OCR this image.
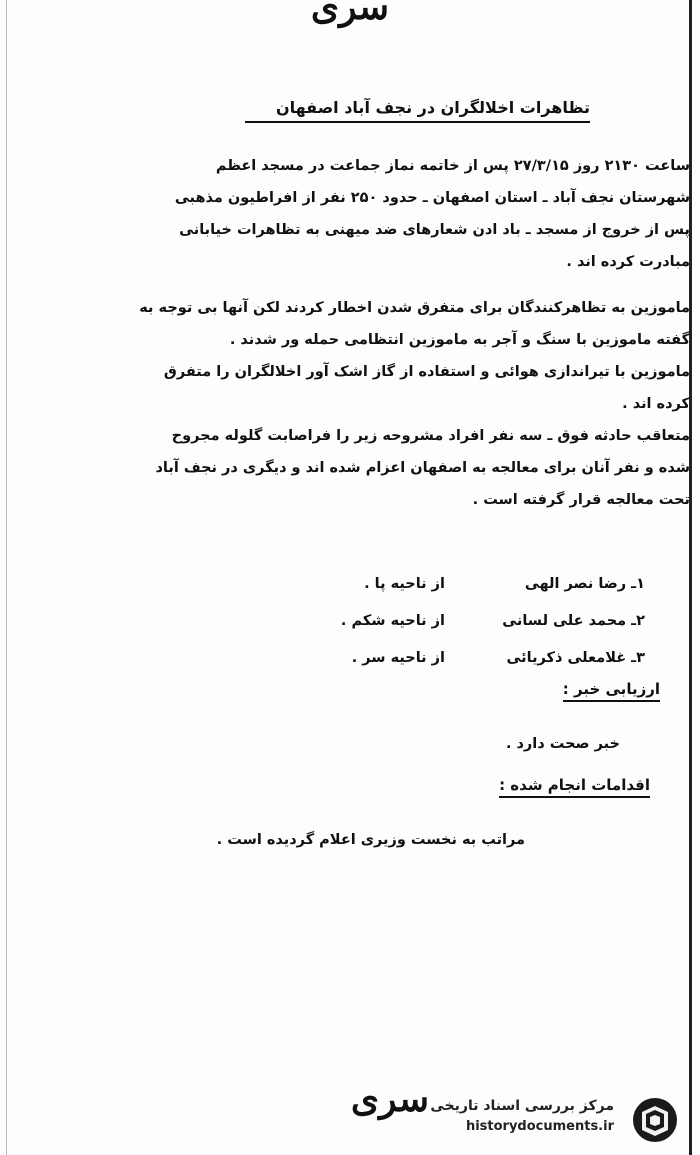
سری
تظاهرات اخلالگران در نجف آباد اصفهان

ساعت ۲۱۳۰ روز ۲۷/۳/۱۵ پس از خاتمه نماز جماعت در مسجد اعظم

شهرستان نجف آباد ـ استان اصفهان ـ حدود ۲۵۰ نفر از افراطیون مذهبی

پس از خروج از مسجد ـ باد ادن شعارهای ضد میهنی به تظاهرات خیابانی

مبادرت کرده اند .

ماموزین به تظاهرکنندگان برای متفرق شدن اخطار کردند لکن آنها بی توجه به

گفته ماموزین با سنگ و آجر به ماموزین انتظامی حمله ور شدند .

ماموزین با تیراندازی هوائی و استفاده از گاز اشک آور اخلالگران را متفرق

کرده اند .

متعاقب حادثه فوق ـ سه نفر افراد مشروحه زیر را فراصابت گلوله مجروح

شده و نفر آنان برای معالجه به اصفهان اعزام شده اند و دیگری در نجف آباد

تحت معالجه قرار گرفته است .

۱ـ رضا نصر الهی
از ناحیه پا .
۲ـ محمد علی لسانی
از ناحیه شکم .
۳ـ غلامعلی ذکریائی
از ناحیه سر .
ارزیابی خبر :
خبر صحت دارد .
اقدامات انجام شده :
مراتب به نخست وزیری اعلام گردیده است .
سری مرکز بررسی اسناد تاریخی
historydocuments.ir
